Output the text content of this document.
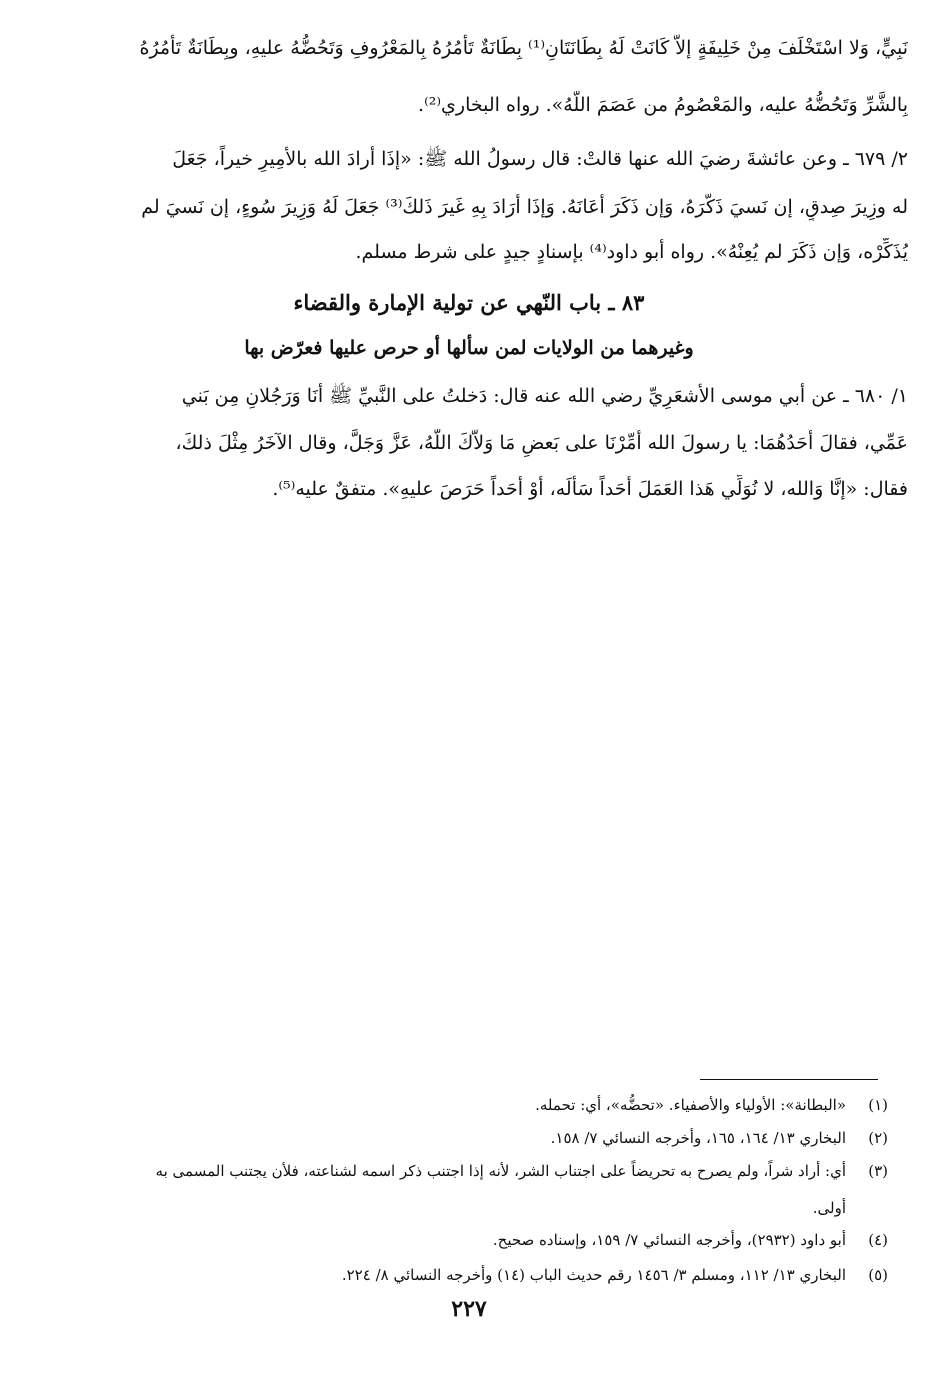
نَبِيٍّ، وَلا اسْتَخْلَفَ مِنْ خَلِيفَةٍ إلاَّ كَانَتْ لَهُ بِطَانَتَانِ⁽¹⁾ بِطَانَةٌ تَأْمُرُهُ بِالمَعْرُوفِ وَتَحُضُّهُ عليهِ، وبِطَانَةٌ تَأْمُرُهُ
بِالشَّرِّ وَتَحُضُّهُ عليه، والمَعْصُومُ من عَصَمَ اللَّهُ». رواه البخاري⁽²⁾.
٢/ ٦٧٩ ـ وعن عائشةَ رضيَ الله عنها قالتْ: قال رسولُ الله ﷺ: «إذَا أَرادَ الله بالأمِيرِ خيراً، جَعَلَ
له وزِيرَ صِدقٍ، إن نَسيَ ذَكَّرَهُ، وَإن ذَكَرَ أعَانَهُ. وَإذَا أَرَادَ بِهِ غَيرَ ذَلكَ⁽³⁾ جَعَلَ لَهُ وَزِيرَ سُوءٍ، إن نَسيَ لم
يُذَكِّرْه، وَإن ذَكَرَ لم يُعِنْهُ». رواه أبو داود⁽⁴⁾ بإسنادٍ جيدٍ على شرط مسلم.
٨٣ ـ باب النّهي عن تولية الإمارة والقضاء
وغيرهما من الولايات لمن سألها أو حرص عليها فعرّض بها
١/ ٦٨٠ ـ عن أبي موسى الأشعَرِيِّ رضي الله عنه قال: دَخلتُ على النَّبيِّ ﷺ أنَا وَرَجُلانِ مِن بَني
عَمِّي، فقالَ أَحَدُهُمَا: يا رسولَ الله أَمِّرْنَا على بَعضِ مَا وَلاَّكَ اللَّهُ، عَزَّ وَجَلَّ، وقال الآخَرُ مِثْلَ ذلكَ،
فقال: «إنَّا وَالله، لا نُوَلِّي هَذا العَمَلَ أَحَداً سَأَلَه، أَوْ أَحَداً حَرَصَ عليهِ». متفقٌ عليه⁽⁵⁾.
(١)«البطانة»: الأولياء والأصفياء. «تحضُّه»، أي: تحمله.
(٢)البخاري ١٣/ ١٦٤، ١٦٥، وأخرجه النسائي ٧/ ١٥٨.
(٣)أي: أراد شراً، ولم يصرح به تحريضاً على اجتناب الشر، لأنه إذا اجتنب ذكر اسمه لشناعته، فلأن يجتنب المسمى به
أولى.
(٤)أبو داود (٢٩٣٢)، وأخرجه النسائي ٧/ ١٥٩، وإسناده صحيح.
(٥)البخاري ١٣/ ١١٢، ومسلم ٣/ ١٤٥٦ رقم حديث الباب (١٤) وأخرجه النسائي ٨/ ٢٢٤.
٢٢٧
